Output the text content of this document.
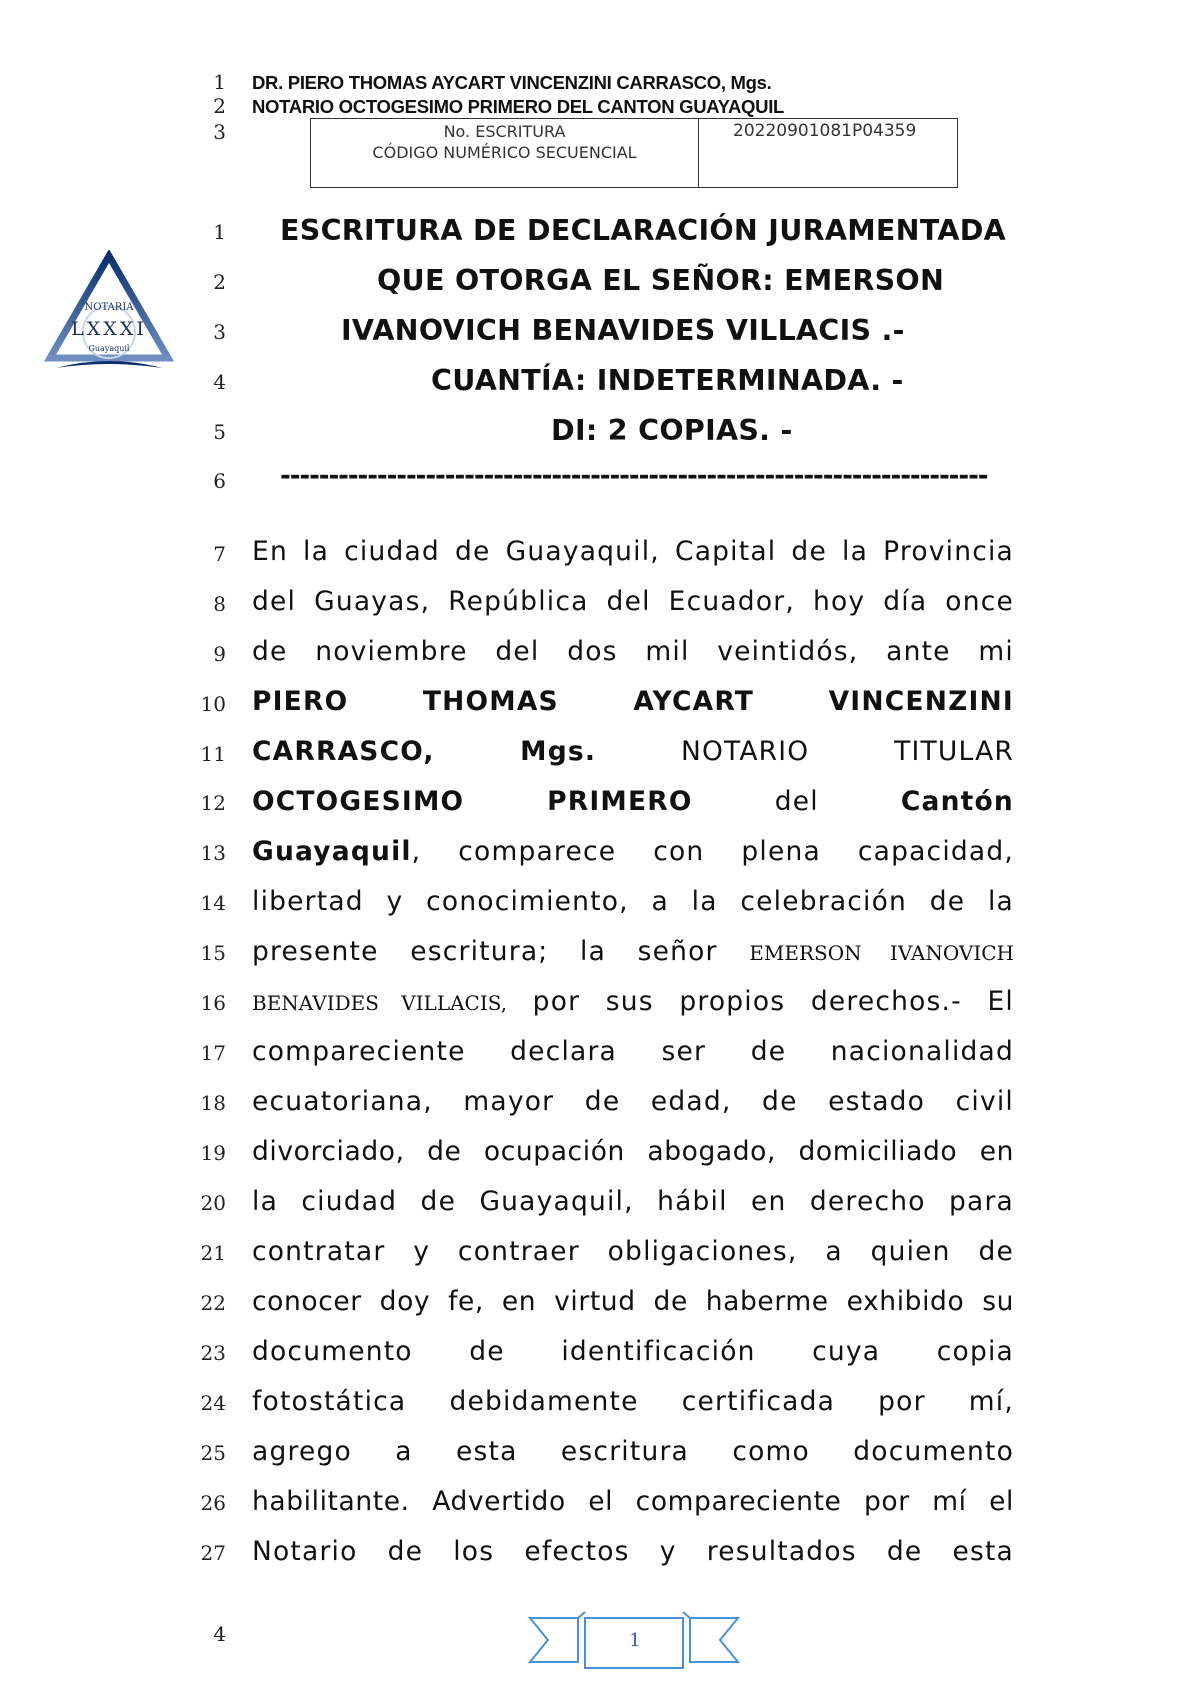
1
2
3
DR. PIERO THOMAS AYCART VINCENZINI CARRASCO, Mgs.
NOTARIO OCTOGESIMO PRIMERO DEL CANTON GUAYAQUIL
No. ESCRITURA
CÓDIGO NUMÉRICO SECUENCIAL
20220901081P04359
NOTARIA
LXXXI
Guayaquil
1
2
3
4
5
6
ESCRITURA DE DECLARACIÓN JURAMENTADA
QUE OTORGA EL SEÑOR: EMERSON
IVANOVICH BENAVIDES VILLACIS .-
CUANTÍA: INDETERMINADA. -
DI: 2 COPIAS. -
-------------------------------------------------------------------------
7
8
9
10
11
12
13
14
15
16
17
18
19
20
21
22
23
24
25
26
27
En la ciudad de Guayaquil, Capital de la Provincia
del Guayas, República del Ecuador, hoy día once
de noviembre del dos mil veintidós, ante mi
PIERO THOMAS AYCART VINCENZINI
CARRASCO, Mgs.	NOTARIO TITULAR
OCTOGESIMO PRIMERO	del	Cantón
Guayaquil, comparece con plena capacidad,
libertad y conocimiento, a la celebración de la
presente escritura; la señor EMERSON IVANOVICH
BENAVIDES VILLACIS, por sus propios derechos.- El
compareciente declara ser de nacionalidad
ecuatoriana, mayor de edad, de estado civil
divorciado, de ocupación abogado, domiciliado en
la ciudad de Guayaquil, hábil en derecho para
contratar y contraer obligaciones, a quien de
conocer doy fe, en virtud de haberme exhibido su
documento de identificación cuya copia
fotostática debidamente certificada por mí,
agrego a esta escritura como documento
habilitante. Advertido el compareciente por mí el
Notario de los efectos y resultados de esta
4	1
